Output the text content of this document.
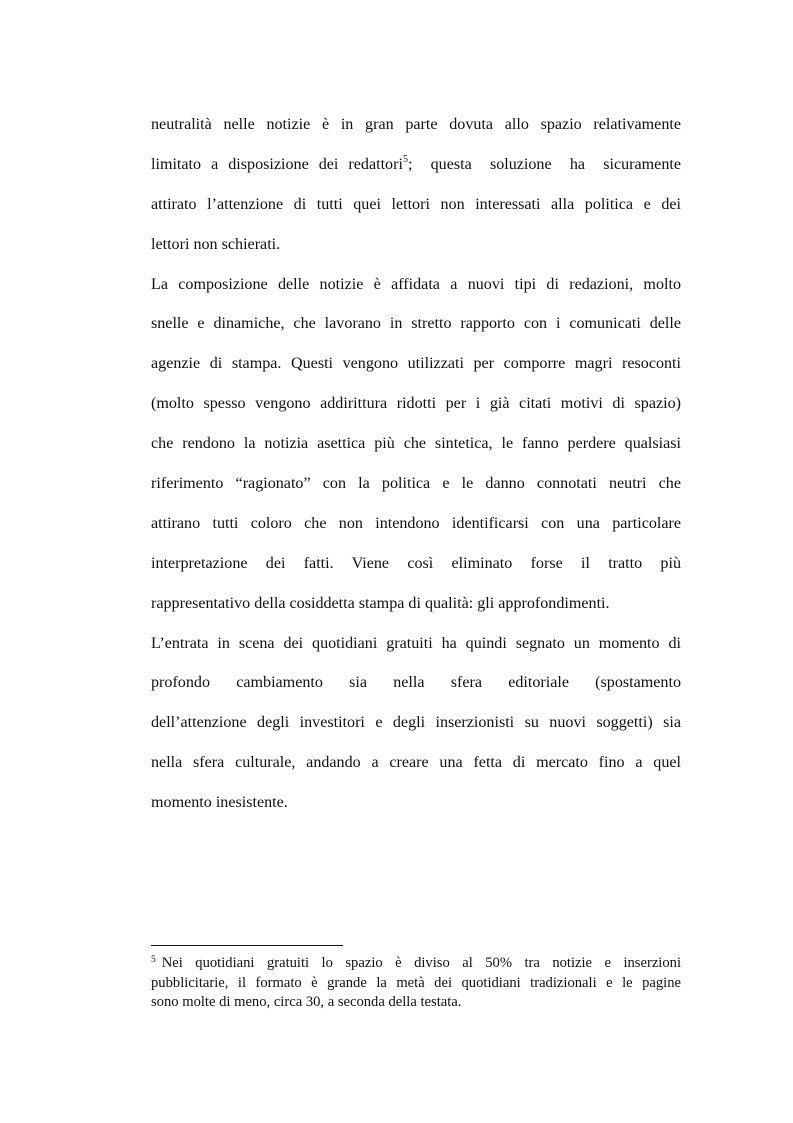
neutralità nelle notizie è in gran parte dovuta allo spazio relativamente
limitato a disposizione dei redattori$^5$ ; questa soluzione ha sicuramente
attirato l’attenzione di tutti quei lettori non interessati alla politica e dei
lettori non schierati.
La composizione delle notizie è affidata a nuovi tipi di redazioni, molto
snelle e dinamiche, che lavorano in stretto rapporto con i comunicati delle
agenzie di stampa. Questi vengono utilizzati per comporre magri resoconti
(molto spesso vengono addirittura ridotti per i già citati motivi di spazio)
che rendono la notizia asettica più che sintetica, le fanno perdere qualsiasi
riferimento “ragionato” con la politica e le danno connotati neutri che
attirano tutti coloro che non intendono identificarsi con una particolare
interpretazione dei fatti. Viene così eliminato forse il tratto più
rappresentativo della cosiddetta stampa di qualità: gli approfondimenti.
L’entrata in scena dei quotidiani gratuiti ha quindi segnato un momento di
profondo cambiamento sia nella sfera editoriale (spostamento
dell’attenzione degli investitori e degli inserzionisti su nuovi soggetti) sia
nella sfera culturale, andando a creare una fetta di mercato fino a quel
momento inesistente.
$^5$ Nei quotidiani gratuiti lo spazio è diviso al 50% tra notizie e inserzioni
pubblicitarie, il formato è grande la metà dei quotidiani tradizionali e le pagine
sono molte di meno, circa 30, a seconda della testata.
